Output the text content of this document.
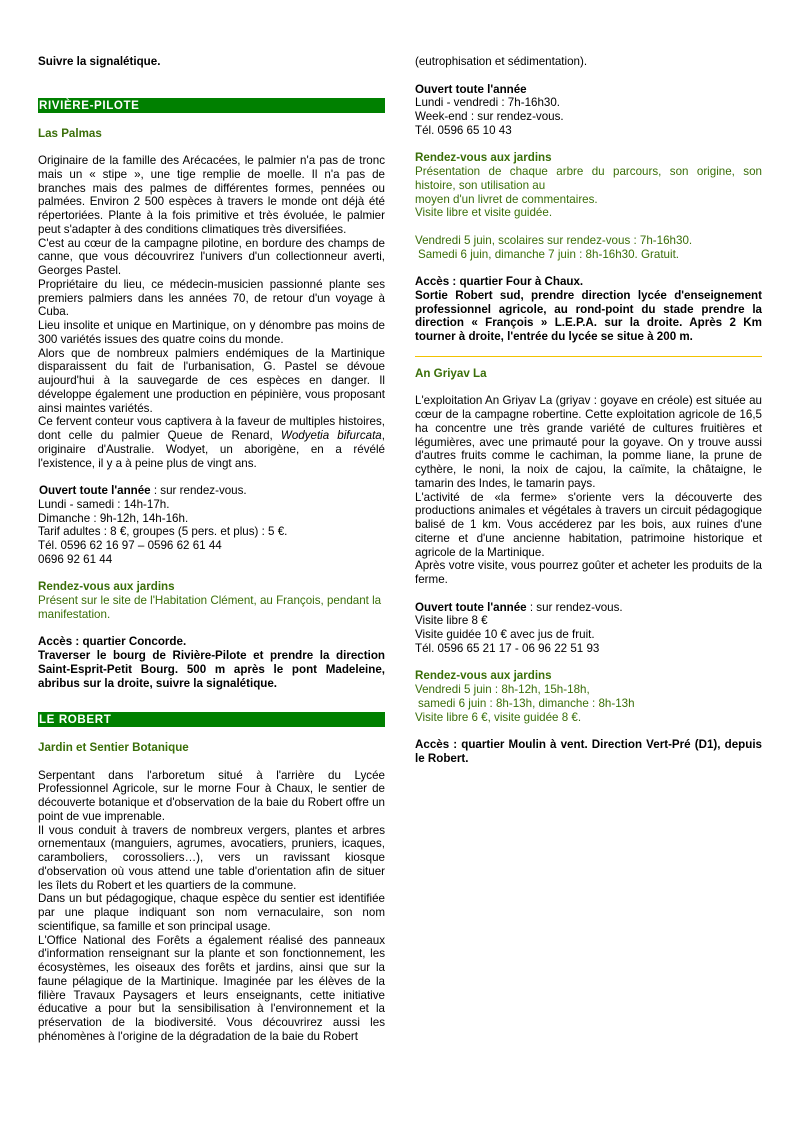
Suivre la signalétique.

RIVIÈRE-PILOTE

Las Palmas

Originaire de la famille des Arécacées, le palmier n'a pas de tronc mais un « stipe », une tige remplie de moelle. Il n'a pas de branches mais des palmes de différentes formes, pennées ou palmées. Environ 2 500 espèces à travers le monde ont déjà été répertoriées. Plante à la fois primitive et très évoluée, le palmier peut s'adapter à des conditions climatiques très diversifiées.

C'est au cœur de la campagne pilotine, en bordure des champs de canne, que vous découvrirez l'univers d'un collectionneur averti, Georges Pastel.

Propriétaire du lieu, ce médecin-musicien passionné plante ses premiers palmiers dans les années 70, de retour d'un voyage à Cuba.

Lieu insolite et unique en Martinique, on y dénombre pas moins de 300 variétés issues des quatre coins du monde.

Alors que de nombreux palmiers endémiques de la Martinique disparaissent du fait de l'urbanisation, G. Pastel se dévoue aujourd'hui à la sauvegarde de ces espèces en danger. Il développe également une production en pépinière, vous proposant ainsi maintes variétés.

Ce fervent conteur vous captivera à la faveur de multiples histoires, dont celle du palmier Queue de Renard, Wodyetia bifurcata, originaire d'Australie. Wodyet, un aborigène, en a révélé l'existence, il y a à peine plus de vingt ans.

Ouvert toute l'année : sur rendez-vous.

Lundi - samedi : 14h-17h.

Dimanche : 9h-12h, 14h-16h.

Tarif adultes : 8 €, groupes (5 pers. et plus) : 5 €.

Tél. 0596 62 16 97 – 0596 62 61 44

0696 92 61 44

Rendez-vous aux jardins

Présent sur le site de l'Habitation Clément, au François, pendant la manifestation.

Accès : quartier Concorde.

Traverser le bourg de Rivière-Pilote et prendre la direction Saint-Esprit-Petit Bourg. 500 m après le pont Madeleine, abribus sur la droite, suivre la signalétique.

LE ROBERT

Jardin et Sentier Botanique

Serpentant dans l'arboretum situé à l'arrière du Lycée Professionnel Agricole, sur le morne Four à Chaux, le sentier de découverte botanique et d'observation de la baie du Robert offre un point de vue imprenable.

Il vous conduit à travers de nombreux vergers, plantes et arbres ornementaux (manguiers, agrumes, avocatiers, pruniers, icaques, caramboliers, corossoliers…), vers un ravissant kiosque d'observation où vous attend une table d'orientation afin de situer les îlets du Robert et les quartiers de la commune.

Dans un but pédagogique, chaque espèce du sentier est identifiée par une plaque indiquant son nom vernaculaire, son nom scientifique, sa famille et son principal usage.

L'Office National des Forêts a également réalisé des panneaux d'information renseignant sur la plante et son fonctionnement, les écosystèmes, les oiseaux des forêts et jardins, ainsi que sur la faune pélagique de la Martinique. Imaginée par les élèves de la filière Travaux Paysagers et leurs enseignants, cette initiative éducative a pour but la sensibilisation à l'environnement et la préservation de la biodiversité. Vous découvrirez aussi les phénomènes à l'origine de la dégradation de la baie du Robert

(eutrophisation et sédimentation).

Ouvert toute l'année

Lundi - vendredi : 7h-16h30.

Week-end : sur rendez-vous.

Tél. 0596 65 10 43

Rendez-vous aux jardins

Présentation de chaque arbre du parcours, son origine, son histoire, son utilisation au

moyen d'un livret de commentaires.

Visite libre et visite guidée.

Vendredi 5 juin, scolaires sur rendez-vous : 7h-16h30.

Samedi 6 juin, dimanche 7 juin : 8h-16h30. Gratuit.

Accès : quartier Four à Chaux.

Sortie Robert sud, prendre direction lycée d'enseignement professionnel agricole, au rond-point du stade prendre la direction « François » L.E.P.A. sur la droite. Après 2 Km tourner à droite, l'entrée du lycée se situe à 200 m.

An Griyav La

L'exploitation An Griyav La (griyav : goyave en créole) est située au cœur de la campagne robertine. Cette exploitation agricole de 16,5 ha concentre une très grande variété de cultures fruitières et légumières, avec une primauté pour la goyave. On y trouve aussi d'autres fruits comme le cachiman, la pomme liane, la prune de cythère, le noni, la noix de cajou, la caïmite, la châtaigne, le tamarin des Indes, le tamarin pays.

L'activité de «la ferme» s'oriente vers la découverte des productions animales et végétales à travers un circuit pédagogique balisé de 1 km. Vous accéderez par les bois, aux ruines d'une citerne et d'une ancienne habitation, patrimoine historique et agricole de la Martinique.

Après votre visite, vous pourrez goûter et acheter les produits de la ferme.

Ouvert toute l'année : sur rendez-vous.

Visite libre 8 €

Visite guidée 10 € avec jus de fruit.

Tél. 0596 65 21 17 - 06 96 22 51 93

Rendez-vous aux jardins

Vendredi 5 juin : 8h-12h, 15h-18h,

samedi 6 juin : 8h-13h, dimanche : 8h-13h

Visite libre 6 €, visite guidée 8 €.

Accès : quartier Moulin à vent. Direction Vert-Pré (D1), depuis le Robert.
